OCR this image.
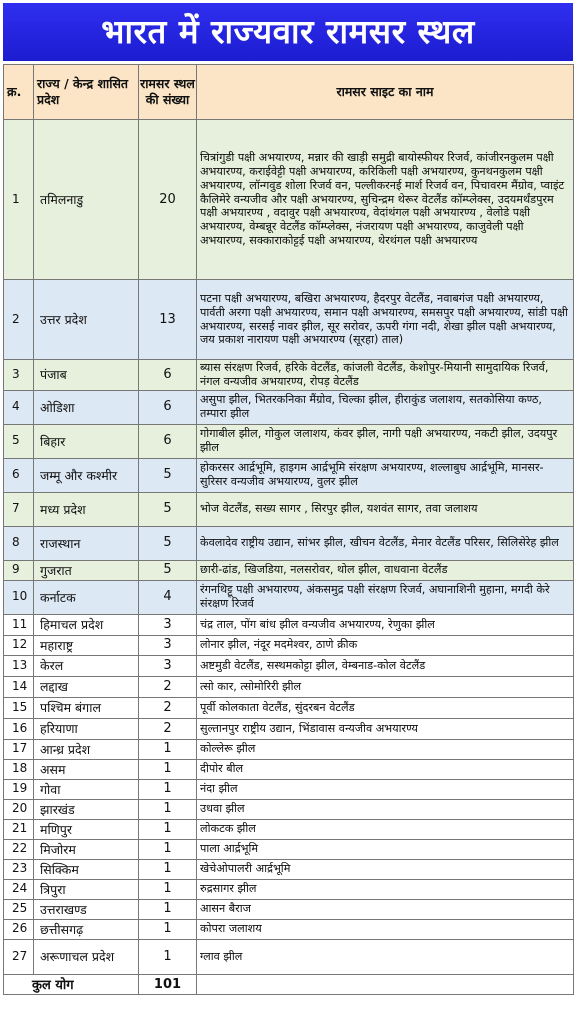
भारत में राज्यवार रामसर स्थल
क्र.	राज्य / केन्द्र शासित प्रदेश	रामसर स्थल की संख्या	रामसर साइट का नाम
1	तमिलनाडु	20	चित्रांगुडी पक्षी अभयारण्य, मन्नार की खाड़ी समुद्री बायोस्फीयर रिजर्व, कांजीरनकुलम पक्षी अभयारण्य, कराईवेट्टी पक्षी अभयारण्य, करिकिली पक्षी अभयारण्य, कुनथनकुलम पक्षी अभयारण्य, लॉन्गवुड शोला रिजर्व वन, पल्लीकरनई मार्श रिजर्व वन, पिचावरम मैंग्रोव, प्वाइंट कैलिमेरे वन्यजीव और पक्षी अभयारण्य, सुचिन्द्रम थेरूर वेटलैंड कॉम्प्लेक्स, उदयमर्थंडपुरम पक्षी अभयारण्य , वदावुर पक्षी अभयारण्य, वेदांथंगल पक्षी अभयारण्य , वेलोडे पक्षी अभयारण्य, वेम्बन्नूर वेटलैंड कॉम्प्लेक्स, नंजरायण पक्षी अभयारण्य, काजुवेली पक्षी अभयारण्य, सक्काराकोट्टई पक्षी अभयारण्य, थेरथंगल पक्षी अभयारण्य
2	उत्तर प्रदेश	13	पटना पक्षी अभयारण्य, बखिरा अभयारण्य, हैदरपुर वेटलैंड, नवाबगंज पक्षी अभयारण्य, पार्वती अरगा पक्षी अभयारण्य, समान पक्षी अभयारण्य, समसपुर पक्षी अभयारण्य, सांडी पक्षी अभयारण्य, सरसई नावर झील, सूर सरोवर, ऊपरी गंगा नदी, शेखा झील पक्षी अभयारण्य, जय प्रकाश नारायण पक्षी अभयारण्य (सूरहा) ताल)
3	पंजाब	6	ब्यास संरक्षण रिजर्व, हरिके वेटलैंड, कांजली वेटलैंड, केशोपुर-मियानी सामुदायिक रिजर्व, नंगल वन्यजीव अभयारण्य, रोपड़ वेटलैंड
4	ओडिशा	6	असुपा झील, भितरकनिका मैंग्रोव, चिल्का झील, हीराकुंड जलाशय, सतकोसिया कण्ठ, तम्पारा झील
5	बिहार	6	गोगाबील झील, गोकुल जलाशय, कंवर झील, नागी पक्षी अभयारण्य, नकटी झील, उदयपुर झील
6	जम्मू और कश्मीर	5	होकरसर आर्द्रभूमि, हाइगम आर्द्रभूमि संरक्षण अभयारण्य, शल्लाबुघ आर्द्रभूमि, मानसर-सुरिसर वन्यजीव अभयारण्य, वुलर झील
7	मध्य प्रदेश	5	भोज वेटलैंड, सख्य सागर , सिरपुर झील, यशवंत सागर, तवा जलाशय
8	राजस्थान	5	केवलादेव राष्ट्रीय उद्यान, सांभर झील, खीचन वेटलैंड, मेनार वेटलैंड परिसर, सिलिसेरेह झील
9	गुजरात	5	छारी-ढांड, खिजडिया, नलसरोवर, थोल झील, वाधवाना वेटलैंड
10	कर्नाटक	4	रंगनथिट्टू पक्षी अभयारण्य, अंकसमुद्र पक्षी संरक्षण रिजर्व, अघानाशिनी मुहाना, मगदी केरे संरक्षण रिजर्व
11	हिमाचल प्रदेश	3	चंद्र ताल, पोंग बांध झील वन्यजीव अभयारण्य, रेणुका झील
12	महाराष्ट्र	3	लोनार झील, नंदूर मदमेश्वर, ठाणे क्रीक
13	केरल	3	अष्टमुडी वेटलैंड, सस्थमकोट्टा झील, वेम्बनाड-कोल वेटलैंड
14	लद्दाख	2	त्सो कार, त्सोमोरिरी झील
15	पश्चिम बंगाल	2	पूर्वी कोलकाता वेटलैंड, सुंदरबन वेटलैंड
16	हरियाणा	2	सुल्तानपुर राष्ट्रीय उद्यान, भिंडावास वन्यजीव अभयारण्य
17	आन्ध्र प्रदेश	1	कोल्लेरू झील
18	असम	1	दीपोर बील
19	गोवा	1	नंदा झील
20	झारखंड	1	उधवा झील
21	मणिपुर	1	लोकटक झील
22	मिजोरम	1	पाला आर्द्रभूमि
23	सिक्किम	1	खेचेओपालरी आर्द्रभूमि
24	त्रिपुरा	1	रुद्रसागर झील
25	उत्तराखण्ड	1	आसन बैराज
26	छत्तीसगढ़	1	कोपरा जलाशय
27	अरूणाचल प्रदेश	1	ग्लाव झील
कुल योग		101	
